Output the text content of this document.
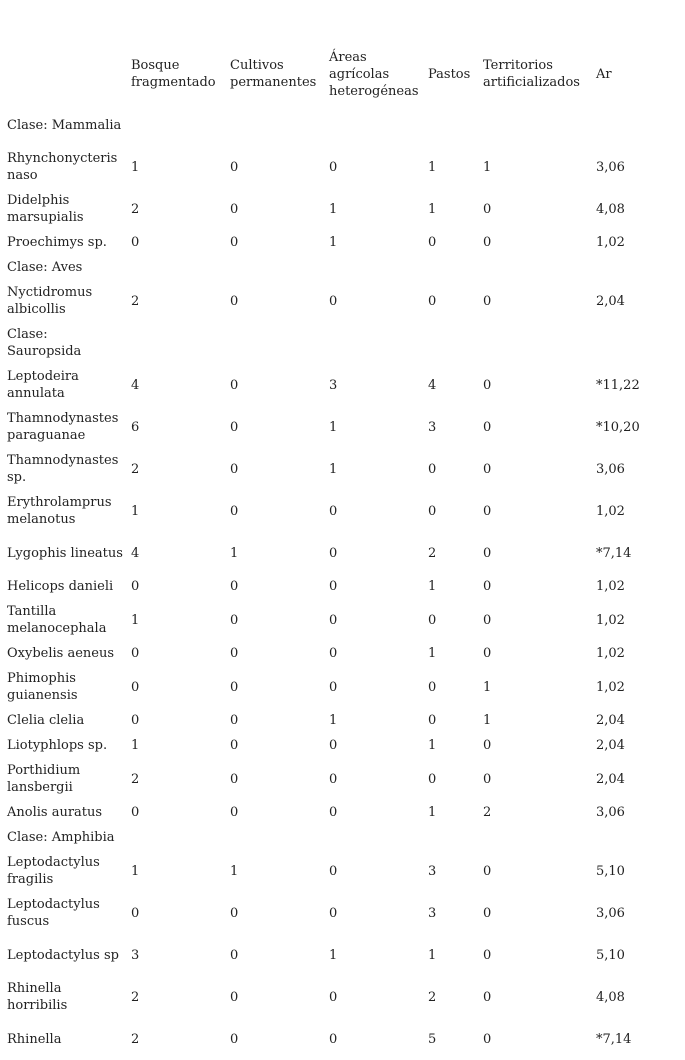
	Bosque fragmentado	Cultivos permanentes	Áreas agrícolas heterogéneas	Pastos	Territorios artificializados	Ar
Clase: Mammalia						
Rhynchonycteris naso	1	0	0	1	1	3,06
Didelphis marsupialis	2	0	1	1	0	4,08
Proechimys sp.	0	0	1	0	0	1,02
Clase: Aves						
Nyctidromus albicollis	2	0	0	0	0	2,04
Clase: Sauropsida						
Leptodeira annulata	4	0	3	4	0	*11,22
Thamnodynastes paraguanae	6	0	1	3	0	*10,20
Thamnodynastes sp.	2	0	1	0	0	3,06
Erythrolamprus melanotus	1	0	0	0	0	1,02
Lygophis lineatus	4	1	0	2	0	*7,14
Helicops danieli	0	0	0	1	0	1,02
Tantilla melanocephala	1	0	0	0	0	1,02
Oxybelis aeneus	0	0	0	1	0	1,02
Phimophis guianensis	0	0	0	0	1	1,02
Clelia clelia	0	0	1	0	1	2,04
Liotyphlops sp.	1	0	0	1	0	2,04
Porthidium lansbergii	2	0	0	0	0	2,04
Anolis auratus	0	0	0	1	2	3,06
Clase: Amphibia						
Leptodactylus fragilis	1	1	0	3	0	5,10
Leptodactylus fuscus	0	0	0	3	0	3,06
Leptodactylus sp	3	0	1	1	0	5,10
Rhinella horribilis	2	0	0	2	0	4,08
Rhinella	2	0	0	5	0	*7,14
